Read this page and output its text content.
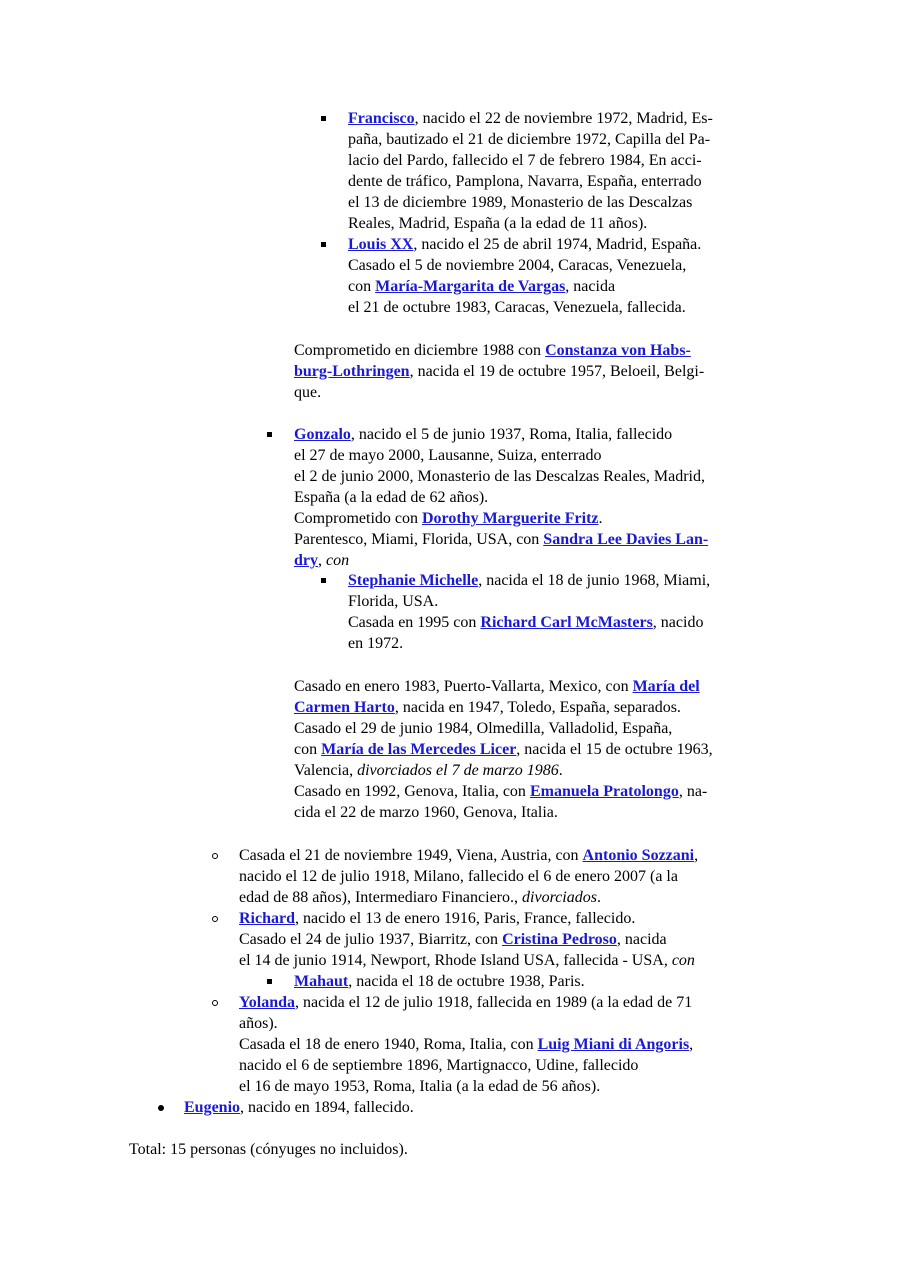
Francisco, nacido el 22 de noviembre 1972, Madrid, Es-
paña, bautizado el 21 de diciembre 1972, Capilla del Pa-
lacio del Pardo, fallecido el 7 de febrero 1984, En acci-
dente de tráfico, Pamplona, Navarra, España, enterrado
el 13 de diciembre 1989, Monasterio de las Descalzas
Reales, Madrid, España (a la edad de 11 años).
Louis XX, nacido el 25 de abril 1974, Madrid, España.
Casado el 5 de noviembre 2004, Caracas, Venezuela,
con María-Margarita de Vargas, nacida
el 21 de octubre 1983, Caracas, Venezuela, fallecida.
Comprometido en diciembre 1988 con Constanza von Habs-
burg-Lothringen, nacida el 19 de octubre 1957, Beloeil, Belgi-
que.
Gonzalo, nacido el 5 de junio 1937, Roma, Italia, fallecido
el 27 de mayo 2000, Lausanne, Suiza, enterrado
el 2 de junio 2000, Monasterio de las Descalzas Reales, Madrid,
España (a la edad de 62 años).
Comprometido con Dorothy Marguerite Fritz.
Parentesco, Miami, Florida, USA, con Sandra Lee Davies Lan-
dry, con
Stephanie Michelle, nacida el 18 de junio 1968, Miami,
Florida, USA.
Casada en 1995 con Richard Carl McMasters, nacido
en 1972.
Casado en enero 1983, Puerto-Vallarta, Mexico, con María del
Carmen Harto, nacida en 1947, Toledo, España, separados.
Casado el 29 de junio 1984, Olmedilla, Valladolid, España,
con María de las Mercedes Licer, nacida el 15 de octubre 1963,
Valencia, divorciados el 7 de marzo 1986.
Casado en 1992, Genova, Italia, con Emanuela Pratolongo, na-
cida el 22 de marzo 1960, Genova, Italia.
Casada el 21 de noviembre 1949, Viena, Austria, con Antonio Sozzani,
nacido el 12 de julio 1918, Milano, fallecido el 6 de enero 2007 (a la
edad de 88 años), Intermediaro Financiero., divorciados.
Richard, nacido el 13 de enero 1916, Paris, France, fallecido.
Casado el 24 de julio 1937, Biarritz, con Cristina Pedroso, nacida
el 14 de junio 1914, Newport, Rhode Island USA, fallecida - USA, con
Mahaut, nacida el 18 de octubre 1938, Paris.
Yolanda, nacida el 12 de julio 1918, fallecida en 1989 (a la edad de 71
años).
Casada el 18 de enero 1940, Roma, Italia, con Luig Miani di Angoris,
nacido el 6 de septiembre 1896, Martignacco, Udine, fallecido
el 16 de mayo 1953, Roma, Italia (a la edad de 56 años).
Eugenio, nacido en 1894, fallecido.
Total: 15 personas (cónyuges no incluidos).
